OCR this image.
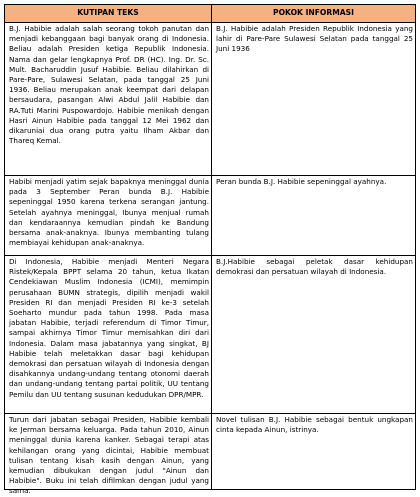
KUTIPAN TEKS	POKOK INFORMASI
B.J. Habibie adalah salah seorang tokoh panutan dan menjadi kebanggaan bagi banyak orang di Indonesia. Beliau adalah Presiden ketiga Republik Indonesia. Nama dan gelar lengkapnya Prof. DR (HC). Ing. Dr. Sc. Mult. Bacharuddin Jusuf Habibie. Beliau dilahirkan di Pare-Pare, Sulawesi Selatan, pada tanggal 25 Juni 1936. Beliau merupakan anak keempat dari delapan bersaudara, pasangan Alwi Abdul Jalil Habibie dan RA.Tuti Marini Puspowardojo. Habibie menikah dengan Hasri Ainun Habibie pada tanggal 12 Mei 1962 dan dikaruniai dua orang putra yaitu Ilham Akbar dan Thareq Kemal.
B.J. Habibie adalah Presiden Republik Indonesia yang lahir di Pare-Pare Sulawesi Selatan pada tanggal 25 Juni 1936
Habibi menjadi yatim sejak bapaknya meninggal dunia pada 3 September Peran bunda B.J. Habibie sepeninggal 1950 karena terkena serangan jantung. Setelah ayahnya meninggal, Ibunya menjual rumah dan kendaraannya kemudian pindah ke Bandung bersama anak-anaknya. Ibunya membanting tulang membiayai kehidupan anak-anaknya.
Peran bunda B.J. Habibie sepeninggal ayahnya.
Di Indonesia, Habibie menjadi Menteri Negara Ristek/Kepala BPPT selama 20 tahun, ketua Ikatan Cendekiawan Muslim Indonesia (ICMI), memimpin perusahaan BUMN strategis, dipilih menjadi wakil Presiden RI dan menjadi Presiden RI ke-3 setelah Soeharto mundur pada tahun 1998. Pada masa jabatan Habibie, terjadi referendum di Timor Timur, sampai akhirnya Timor Timur memisahkan diri dari Indonesia. Dalam masa jabatannya yang singkat, BJ Habibie telah meletakkan dasar bagi kehidupan demokrasi dan persatuan wilayah di Indonesia dengan disahkannya undang-undang tentang otonomi daerah dan undang-undang tentang partai politik, UU tentang Pemilu dan UU tentang susunan kedudukan DPR/MPR.
B.J.Habibie sebagai peletak dasar kehidupan demokrasi dan persatuan wilayah di Indonesia.
Turun dari jabatan sebagai Presiden, Habibie kembali ke Jerman bersama keluarga. Pada tahun 2010, Ainun meninggal dunia karena kanker. Sebagai terapi atas kehilangan orang yang dicintai, Habibie membuat tulisan tentang kisah kasih dengan Ainun, yang kemudian dibukukan dengan judul "Ainun dan Habibie". Buku ini telah difilmkan dengan judul yang sama.
Novel tulisan B.J. Habibie sebagai bentuk ungkapan cinta kepada Ainun, istrinya.
